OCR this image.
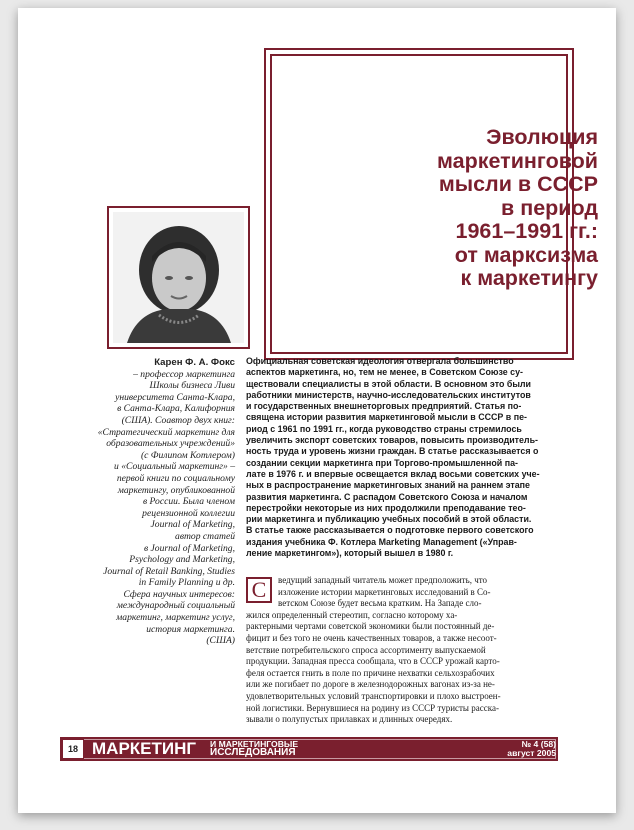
Эволюция
маркетинговой
мысли в СССР
в период
1961–1991 гг.:
от марксизма
к маркетингу
Карен Ф. А. Фокс
– профессор маркетинга
Школы бизнеса Ливи
университета Санта-Клара,
в Санта-Клара, Калифорния
(США). Соавтор двух книг:
«Стратегический маркетинг для
образовательных учреждений»
(с Филипом Котлером)
и «Социальный маркетинг» –
первой книги по социальному
маркетингу, опубликованной
в России. Была членом
рецензионной коллегии
Journal of Marketing,
автор статей
в Journal of Marketing,
Psychology and Marketing,
Journal of Retail Banking, Studies
in Family Planning и др.
Сфера научных интересов:
международный социальный
маркетинг, маркетинг услуг,
история маркетинга.
(США)
Официальная советская идеология отвергала большинство
аспектов маркетинга, но, тем не менее, в Советском Союзе су-
ществовали специалисты в этой области. В основном это были
работники министерств, научно-исследовательских институтов
и государственных внешнеторговых предприятий. Статья по-
священа истории развития маркетинговой мысли в СССР в пе-
риод с 1961 по 1991 гг., когда руководство страны стремилось
увеличить экспорт советских товаров, повысить производитель-
ность труда и уровень жизни граждан. В статье рассказывается о
создании секции маркетинга при Торгово-промышленной па-
лате в 1976 г. и впервые освещается вклад восьми советских уче-
ных в распространение маркетинговых знаний на раннем этапе
развития маркетинга. С распадом Советского Союза и началом
перестройки некоторые из них продолжили преподавание тео-
рии маркетинга и публикацию учебных пособий в этой области.
В статье также рассказывается о подготовке первого советского
издания учебника Ф. Котлера Marketing Management («Управ-
ление маркетингом»), который вышел в 1980 г.
С	ведущий западный читатель может предположить, что
изложение истории маркетинговых исследований в Со-
ветском Союзе будет весьма кратким. На Западе сло-
жился определенный стереотип, согласно которому ха-
рактерными чертами советской экономики были постоянный де-
фицит и без того не очень качественных товаров, а также несоот-
ветствие потребительского спроса ассортименту выпускаемой
продукции. Западная пресса сообщала, что в СССР урожай карто-
феля остается гнить в поле по причине нехватки сельхозрабочих
или же погибает по дороге в железнодорожных вагонах из-за не-
удовлетворительных условий транспортировки и плохо выстроен-
ной логистики. Вернувшиеся на родину из СССР туристы расска-
зывали о полупустых прилавках и длинных очередях.
18 МАРКЕТИНГ И МАРКЕТИНГОВЫЕ
ИССЛЕДОВАНИЯ
№ 4 (58)
август 2005
